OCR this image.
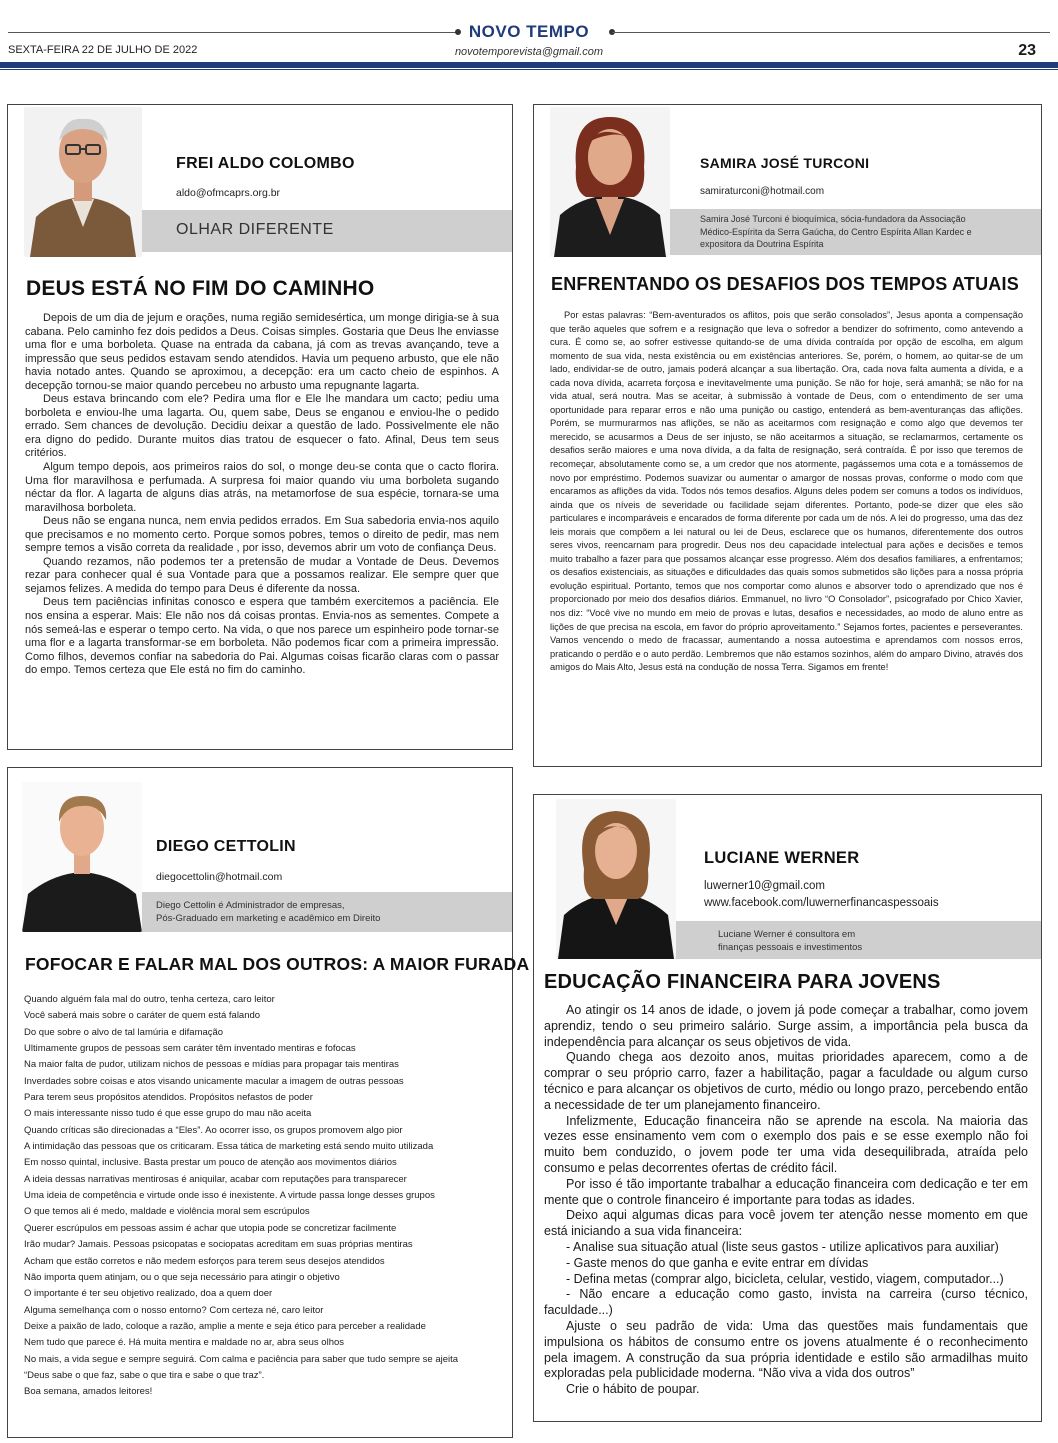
NOVO TEMPO
SEXTA-FEIRA 22 DE JULHO DE 2022	novotemporevista@gmail.com	23
FREI ALDO COLOMBO
aldo@ofmcaprs.org.br
OLHAR DIFERENTE
DEUS ESTÁ NO FIM DO CAMINHO

Depois de um dia de jejum e orações, numa região semidesértica, um monge dirigia-se à sua cabana. Pelo caminho fez dois pedidos a Deus. Coisas simples. Gostaria que Deus lhe enviasse uma flor e uma borboleta. Quase na entrada da cabana, já com as trevas avançando, teve a impressão que seus pedidos estavam sendo atendidos. Havia um pequeno arbusto, que ele não havia notado antes. Quando se aproximou, a decepção: era um cacto cheio de espinhos. A decepção tornou-se maior quando percebeu no arbusto uma repugnante lagarta.

Deus estava brincando com ele? Pedira uma flor e Ele lhe mandara um cacto; pediu uma borboleta e enviou-lhe uma lagarta. Ou, quem sabe, Deus se enganou e enviou-lhe o pedido errado. Sem chances de devolução. Decidiu deixar a questão de lado. Possivelmente ele não era digno do pedido. Durante muitos dias tratou de esquecer o fato. Afinal, Deus tem seus critérios.

Algum tempo depois, aos primeiros raios do sol, o monge deu-se conta que o cacto florira. Uma flor maravilhosa e perfumada. A surpresa foi maior quando viu uma borboleta sugando néctar da flor. A lagarta de alguns dias atrás, na metamorfose de sua espécie, tornara-se uma maravilhosa borboleta.

Deus não se engana nunca, nem envia pedidos errados. Em Sua sabedoria envia-nos aquilo que precisamos e no momento certo. Porque somos pobres, temos o direito de pedir, mas nem sempre temos a visão correta da realidade , por isso, devemos abrir um voto de confiança Deus.

Quando rezamos, não podemos ter a pretensão de mudar a Vontade de Deus. Devemos rezar para conhecer qual é sua Vontade para que a possamos realizar. Ele sempre quer que sejamos felizes. A medida do tempo para Deus é diferente da nossa.

Deus tem paciências infinitas conosco e espera que também exercitemos a paciência. Ele nos ensina a esperar. Mais: Ele não nos dá coisas prontas. Envia-nos as sementes. Compete a nós semeá-las e esperar o tempo certo. Na vida, o que nos parece um espinheiro pode tornar-se uma flor e a lagarta transformar-se em borboleta. Não podemos ficar com a primeira impressão. Como filhos, devemos confiar na sabedoria do Pai. Algumas coisas ficarão claras com o passar do empo. Temos certeza que Ele está no fim do caminho.

SAMIRA JOSÉ TURCONI
samiraturconi@hotmail.com
Samira José Turconi é bioquímica, sócia-fundadora da Associação Médico-Espírita da Serra Gaúcha, do Centro Espírita Allan Kardec e expositora da Doutrina Espírita
ENFRENTANDO OS DESAFIOS DOS TEMPOS ATUAIS

Por estas palavras: “Bem-aventurados os aflitos, pois que serão consolados”, Jesus aponta a compensação que terão aqueles que sofrem e a resignação que leva o sofredor a bendizer do sofrimento, como antevendo a cura. É como se, ao sofrer estivesse quitando-se de uma dívida contraída por opção de escolha, em algum momento de sua vida, nesta existência ou em existências anteriores. Se, porém, o homem, ao quitar-se de um lado, endividar-se de outro, jamais poderá alcançar a sua libertação. Ora, cada nova falta aumenta a dívida, e a cada nova dívida, acarreta forçosa e inevitavelmente uma punição. Se não for hoje, será amanhã; se não for na vida atual, será noutra. Mas se aceitar, à submissão à vontade de Deus, com o entendimento de ser uma oportunidade para reparar erros e não uma punição ou castigo, entenderá as bem-aventuranças das aflições. Porém, se murmurarmos nas aflições, se não as aceitarmos com resignação e como algo que devemos ter merecido, se acusarmos a Deus de ser injusto, se não aceitarmos a situação, se reclamarmos, certamente os desafios serão maiores e uma nova dívida, a da falta de resignação, será contraída. É por isso que teremos de recomeçar, absolutamente como se, a um credor que nos atormente, pagássemos uma cota e a tomássemos de novo por empréstimo. Podemos suavizar ou aumentar o amargor de nossas provas, conforme o modo com que encaramos as aflições da vida. Todos nós temos desafios. Alguns deles podem ser comuns a todos os indivíduos, ainda que os níveis de severidade ou facilidade sejam diferentes. Portanto, pode-se dizer que eles são particulares e incomparáveis e encarados de forma diferente por cada um de nós. A lei do progresso, uma das dez leis morais que compõem a lei natural ou lei de Deus, esclarece que os humanos, diferentemente dos outros seres vivos, reencarnam para progredir. Deus nos deu capacidade intelectual para ações e decisões e temos muito trabalho a fazer para que possamos alcançar esse progresso. Além dos desafios familiares, a enfrentamos; os desafios existenciais, as situações e dificuldades das quais somos submetidos são lições para a nossa própria evolução espiritual. Portanto, temos que nos comportar como alunos e absorver todo o aprendizado que nos é proporcionado por meio dos desafios diários. Emmanuel, no livro “O Consolador”, psicografado por Chico Xavier, nos diz: “Você vive no mundo em meio de provas e lutas, desafios e necessidades, ao modo de aluno entre as lições de que precisa na escola, em favor do próprio aproveitamento.” Sejamos fortes, pacientes e perseverantes. Vamos vencendo o medo de fracassar, aumentando a nossa autoestima e aprendamos com nossos erros, praticando o perdão e o auto perdão. Lembremos que não estamos sozinhos, além do amparo Divino, através dos amigos do Mais Alto, Jesus está na condução de nossa Terra. Sigamos em frente!

DIEGO CETTOLIN
diegocettolin@hotmail.com
Diego Cettolin é Administrador de empresas,
Pós-Graduado em marketing e acadêmico em Direito
FOFOCAR E FALAR MAL DOS OUTROS: A MAIOR FURADA
Quando alguém fala mal do outro, tenha certeza, caro leitor
Você saberá mais sobre o caráter de quem está falando
Do que sobre o alvo de tal lamúria e difamação
Ultimamente grupos de pessoas sem caráter têm inventado mentiras e fofocas
Na maior falta de pudor, utilizam nichos de pessoas e mídias para propagar tais mentiras
Inverdades sobre coisas e atos visando unicamente macular a imagem de outras pessoas
Para terem seus propósitos atendidos. Propósitos nefastos de poder
O mais interessante nisso tudo é que esse grupo do mau não aceita
Quando críticas são direcionadas a “Eles”. Ao ocorrer isso, os grupos promovem algo pior
A intimidação das pessoas que os criticaram. Essa tática de marketing está sendo muito utilizada
Em nosso quintal, inclusive. Basta prestar um pouco de atenção aos movimentos diários
A ideia dessas narrativas mentirosas é aniquilar, acabar com reputações para transparecer
Uma ideia de competência e virtude onde isso é inexistente. A virtude passa longe desses grupos
O que temos ali é medo, maldade e violência moral sem escrúpulos
Querer escrúpulos em pessoas assim é achar que utopia pode se concretizar facilmente
Irão mudar? Jamais. Pessoas psicopatas e sociopatas acreditam em suas próprias mentiras
Acham que estão corretos e não medem esforços para terem seus desejos atendidos
Não importa quem atinjam, ou o que seja necessário para atingir o objetivo
O importante é ter seu objetivo realizado, doa a quem doer
Alguma semelhança com o nosso entorno? Com certeza né, caro leitor
Deixe a paixão de lado, coloque a razão, amplie a mente e seja ético para perceber a realidade
Nem tudo que parece é. Há muita mentira e maldade no ar, abra seus olhos
No mais, a vida segue e sempre seguirá. Com calma e paciência para saber que tudo sempre se ajeita
“Deus sabe o que faz, sabe o que tira e sabe o que traz”.
Boa semana, amados leitores!
LUCIANE WERNER
luwerner10@gmail.com
www.facebook.com/luwernerfinancaspessoais
Luciane Werner é consultora em
finanças pessoais e investimentos
EDUCAÇÃO FINANCEIRA PARA JOVENS

Ao atingir os 14 anos de idade, o jovem já pode começar a trabalhar, como jovem aprendiz, tendo o seu primeiro salário. Surge assim, a importância pela busca da independência para alcançar os seus objetivos de vida.

Quando chega aos dezoito anos, muitas prioridades aparecem, como a de comprar o seu próprio carro, fazer a habilitação, pagar a faculdade ou algum curso técnico e para alcançar os objetivos de curto, médio ou longo prazo, percebendo então a necessidade de ter um planejamento financeiro.

Infelizmente, Educação financeira não se aprende na escola. Na maioria das vezes esse ensinamento vem com o exemplo dos pais e se esse exemplo não foi muito bem conduzido, o jovem pode ter uma vida desequilibrada, atraída pelo consumo e pelas decorrentes ofertas de crédito fácil.

Por isso é tão importante trabalhar a educação financeira com dedicação e ter em mente que o controle financeiro é importante para todas as idades.

Deixo aqui algumas dicas para você jovem ter atenção nesse momento em que está iniciando a sua vida financeira:

- Analise sua situação atual (liste seus gastos - utilize aplicativos para auxiliar)

- Gaste menos do que ganha e evite entrar em dívidas

- Defina metas (comprar algo, bicicleta, celular, vestido, viagem, computador...)

- Não encare a educação como gasto, invista na carreira (curso técnico, faculdade...)

Ajuste o seu padrão de vida: Uma das questões mais fundamentais que impulsiona os hábitos de consumo entre os jovens atualmente é o reconhecimento pela imagem. A construção da sua própria identidade e estilo são armadilhas muito exploradas pela publicidade moderna. “Não viva a vida dos outros”

Crie o hábito de poupar.
